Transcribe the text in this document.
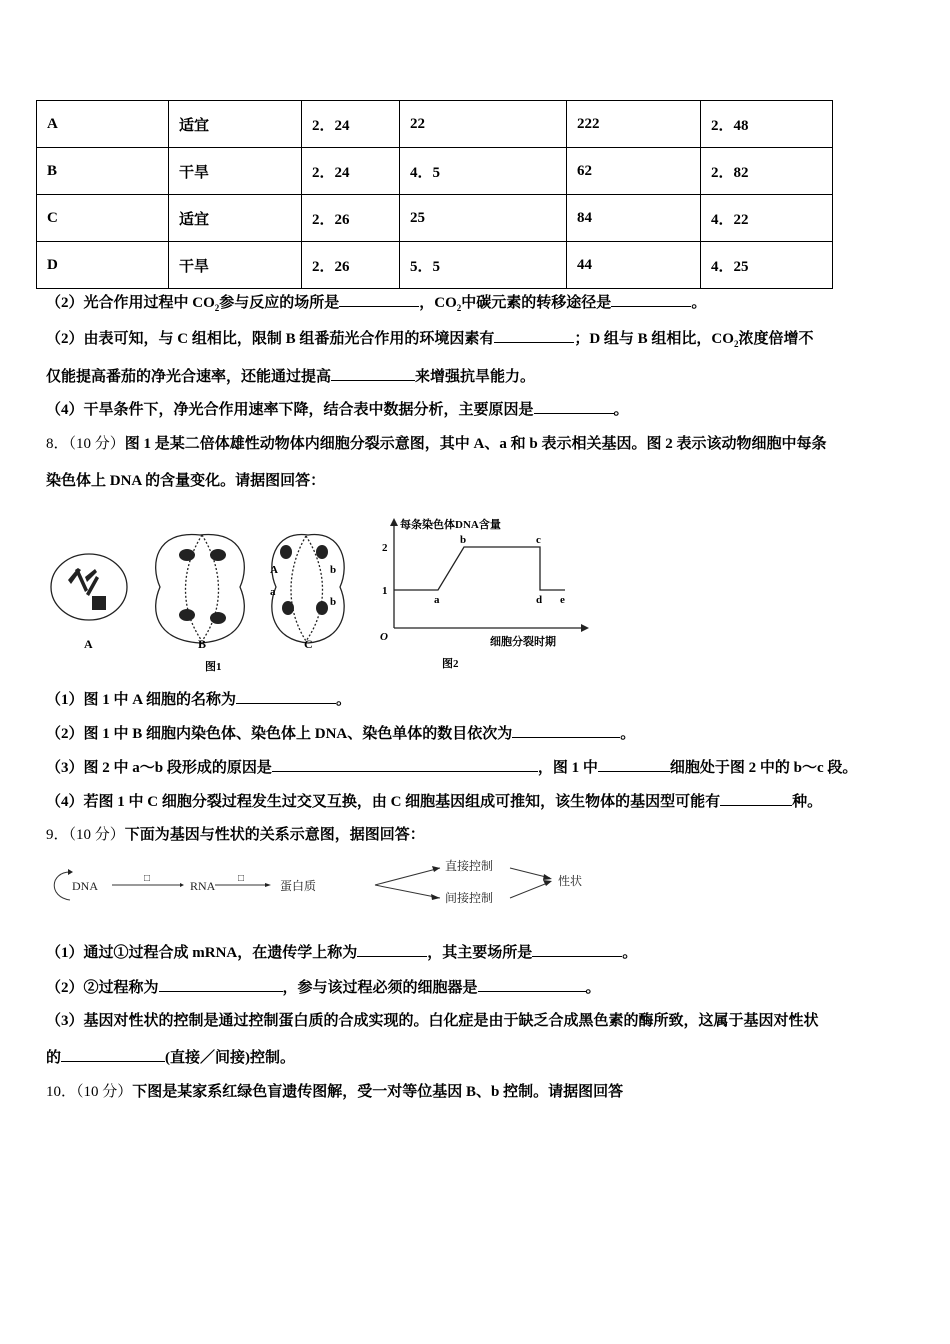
A	适宜	2．24	22	222	2．48
B	干旱	2．24	4．5	62	2．82
C	适宜	2．26	25	84	4．22
D	干旱	2．26	5．5	44	4．25
（2）光合作用过程中 $CO_2$参与反应的场所是	，$CO_2$中碳元素的转移途径是	。
（2）由表可知，与 C 组相比，限制 B 组番茄光合作用的环境因素有	；D 组与 B 组相比，$CO_2$浓度倍增不
仅能提高番茄的净光合速率，还能通过提高	来增强抗旱能力。
（4）干旱条件下，净光合作用速率下降，结合表中数据分析，主要原因是	。
8．（10 分）图 1 是某二倍体雄性动物体内细胞分裂示意图，其中 A、a 和 b 表示相关基因。图 2 表示该动物细胞中每条
染色体上 DNA 的含量变化。请据图回答：
A	B	C
图1
A
a
b
b
每条染色体DNA含量
1
2
O
a
b	c
d e
细胞分裂时期
图2
（1）图 1 中 A 细胞的名称为	。
（2）图 1 中 B 细胞内染色体、染色体上 DNA、染色单体的数目依次为	。
（3）图 2 中 a～b 段形成的原因是	，图 1 中	细胞处于图 2 中的 b～c 段。
（4）若图 1 中 C 细胞分裂过程发生过交叉互换，由 C 细胞基因组成可推知，该生物体的基因型可能有	种。
9．（10 分）下面为基因与性状的关系示意图，据图回答：
DNA
□
RNA
□
蛋白质
直接控制
间接控制
性状
（1）通过①过程合成 mRNA，在遗传学上称为	，其主要场所是	。
（2）②过程称为	，参与该过程必须的细胞器是	。
（3）基因对性状的控制是通过控制蛋白质的合成实现的。白化症是由于缺乏合成黑色素的酶所致，这属于基因对性状
的	(直接／间接)控制。
10．（10 分）下图是某家系红绿色盲遗传图解，受一对等位基因 B、b 控制。请据图回答
